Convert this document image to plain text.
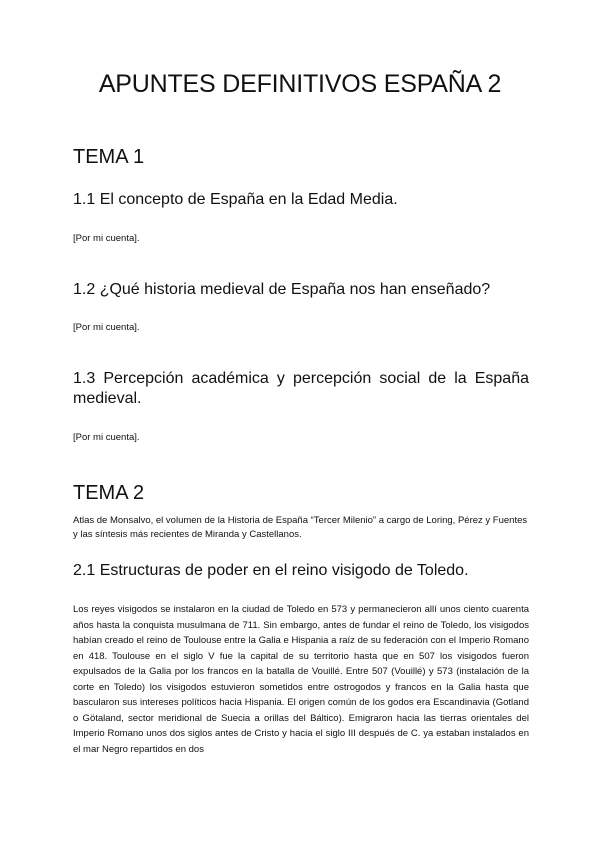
APUNTES DEFINITIVOS ESPAÑA 2
TEMA 1
1.1 El concepto de España en la Edad Media.

[Por mi cuenta].

1.2 ¿Qué historia medieval de España nos han enseñado?

[Por mi cuenta].

1.3 Percepción académica y percepción social de la España medieval.

[Por mi cuenta].

TEMA 2

Atlas de Monsalvo, el volumen de la Historia de España “Tercer Milenio” a cargo de Loring, Pérez y Fuentes y las síntesis más recientes de Miranda y Castellanos.

2.1 Estructuras de poder en el reino visigodo de Toledo.

Los reyes visigodos se instalaron en la ciudad de Toledo en 573 y permanecieron allí unos ciento cuarenta años hasta la conquista musulmana de 711. Sin embargo, antes de fundar el reino de Toledo, los visigodos habían creado el reino de Toulouse entre la Galia e Hispania a raíz de su federación con el Imperio Romano en 418. Toulouse en el siglo V fue la capital de su territorio hasta que en 507 los visigodos fueron expulsados de la Galia por los francos en la batalla de Vouillé. Entre 507 (Vouillé) y 573 (instalación de la corte en Toledo) los visigodos estuvieron sometidos entre ostrogodos y francos en la Galia hasta que bascularon sus intereses políticos hacia Hispania. El origen común de los godos era Escandinavia (Gotland o Götaland, sector meridional de Suecia a orillas del Báltico). Emigraron hacia las tierras orientales del Imperio Romano unos dos siglos antes de Cristo y hacia el siglo III después de C. ya estaban instalados en el mar Negro repartidos en dos
